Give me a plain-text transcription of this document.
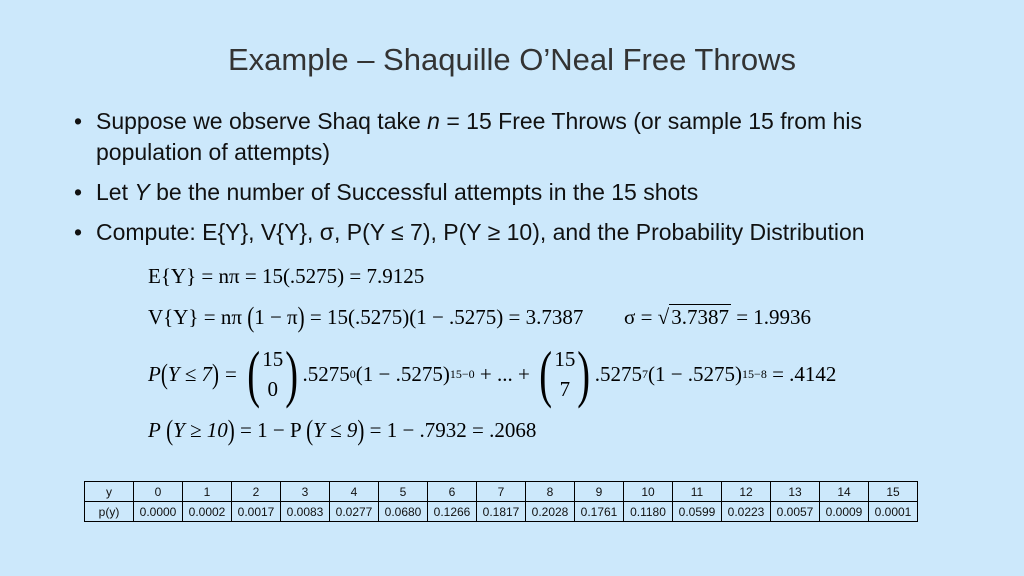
Example – Shaquille O’Neal Free Throws
• Suppose we observe Shaq take n = 15 Free Throws (or sample 15 from his population of attempts)
• Let Y be the number of Successful attempts in the 15 shots
• Compute: E{Y}, V{Y}, σ, P(Y ≤ 7), P(Y ≥ 10), and the Probability Distribution
E{Y} = nπ = 15(.5275) = 7.9125
V{Y} = nπ (1 − π) = 15(.5275)(1 − .5275) = 3.7387 σ = √3.7387 = 1.9936
P ( Y ≤ 7 ) = ( 15
0 ) .5275 0 (1 − .5275) 15−0 + ... + ( 15
7 ) .5275 7 (1 − .5275) 15−8 = .4142
P (Y ≥ 10) = 1 − P (Y ≤ 9) = 1 − .7932 = .2068
y	0	1	2	3	4	5	6	7	8	9	10	11	12	13	14	15
p(y)	0.0000	0.0002	0.0017	0.0083	0.0277	0.0680	0.1266	0.1817	0.2028	0.1761	0.1180	0.0599	0.0223	0.0057	0.0009	0.0001
